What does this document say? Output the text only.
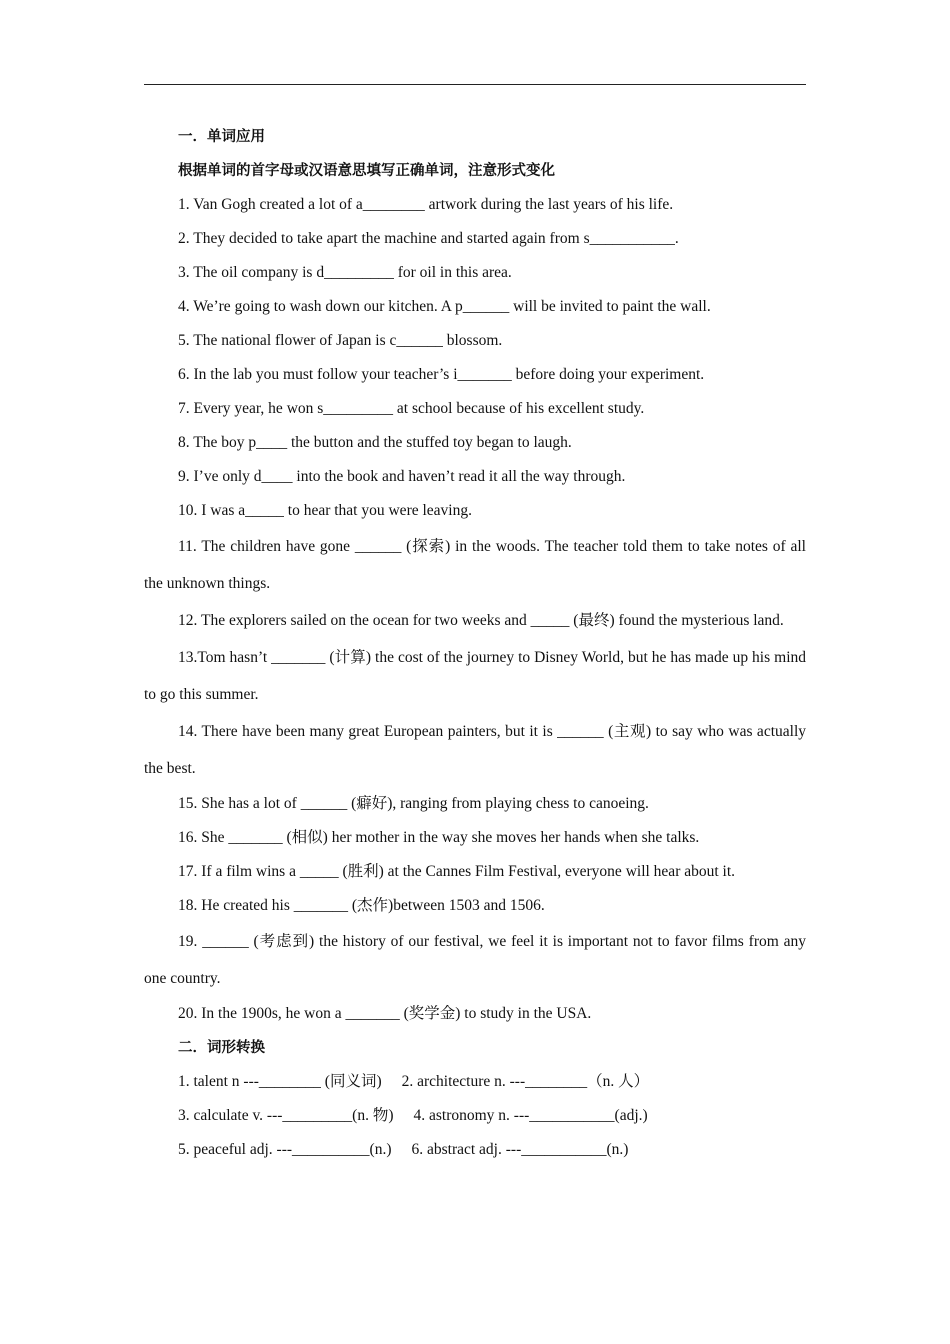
一．单词应用
根据单词的首字母或汉语意思填写正确单词，注意形式变化
1. Van Gogh created a lot of a________ artwork during the last years of his life.
2. They decided to take apart the machine and started again from s___________.
3. The oil company is d_________ for oil in this area.
4. We’re going to wash down our kitchen. A p______ will be invited to paint the wall.
5. The national flower of Japan is c______ blossom.
6. In the lab you must follow your teacher’s i_______ before doing your experiment.
7. Every year, he won s_________ at school because of his excellent study.
8. The boy p____ the button and the stuffed toy began to laugh.
9. I’ve only d____ into the book and haven’t read it all the way through.
10. I was a_____ to hear that you were leaving.
11. The children have gone ______ (探索) in the woods. The teacher told them to take notes of all the unknown things.
12. The explorers sailed on the ocean for two weeks and _____ (最终) found the mysterious land.
13.Tom hasn’t _______ (计算) the cost of the journey to Disney World, but he has made up his mind to go this summer.
14. There have been many great European painters, but it is ______ (主观) to say who was actually the best.
15. She has a lot of ______ (癖好), ranging from playing chess to canoeing.
16. She _______ (相似) her mother in the way she moves her hands when she talks.
17. If a film wins a _____ (胜利) at the Cannes Film Festival, everyone will hear about it.
18. He created his _______ (杰作)between 1503 and 1506.
19. ______ (考虑到) the history of our festival, we feel it is important not to favor films from any one country.
20. In the 1900s, he won a _______ (奖学金) to study in the USA.
二．词形转换
1. talent n ---________ (同义词) 2. architecture n. ---________（n. 人）
3. calculate v. ---_________(n. 物) 4. astronomy n. ---___________(adj.)
5. peaceful adj. ---__________(n.) 6. abstract adj. ---___________(n.)
